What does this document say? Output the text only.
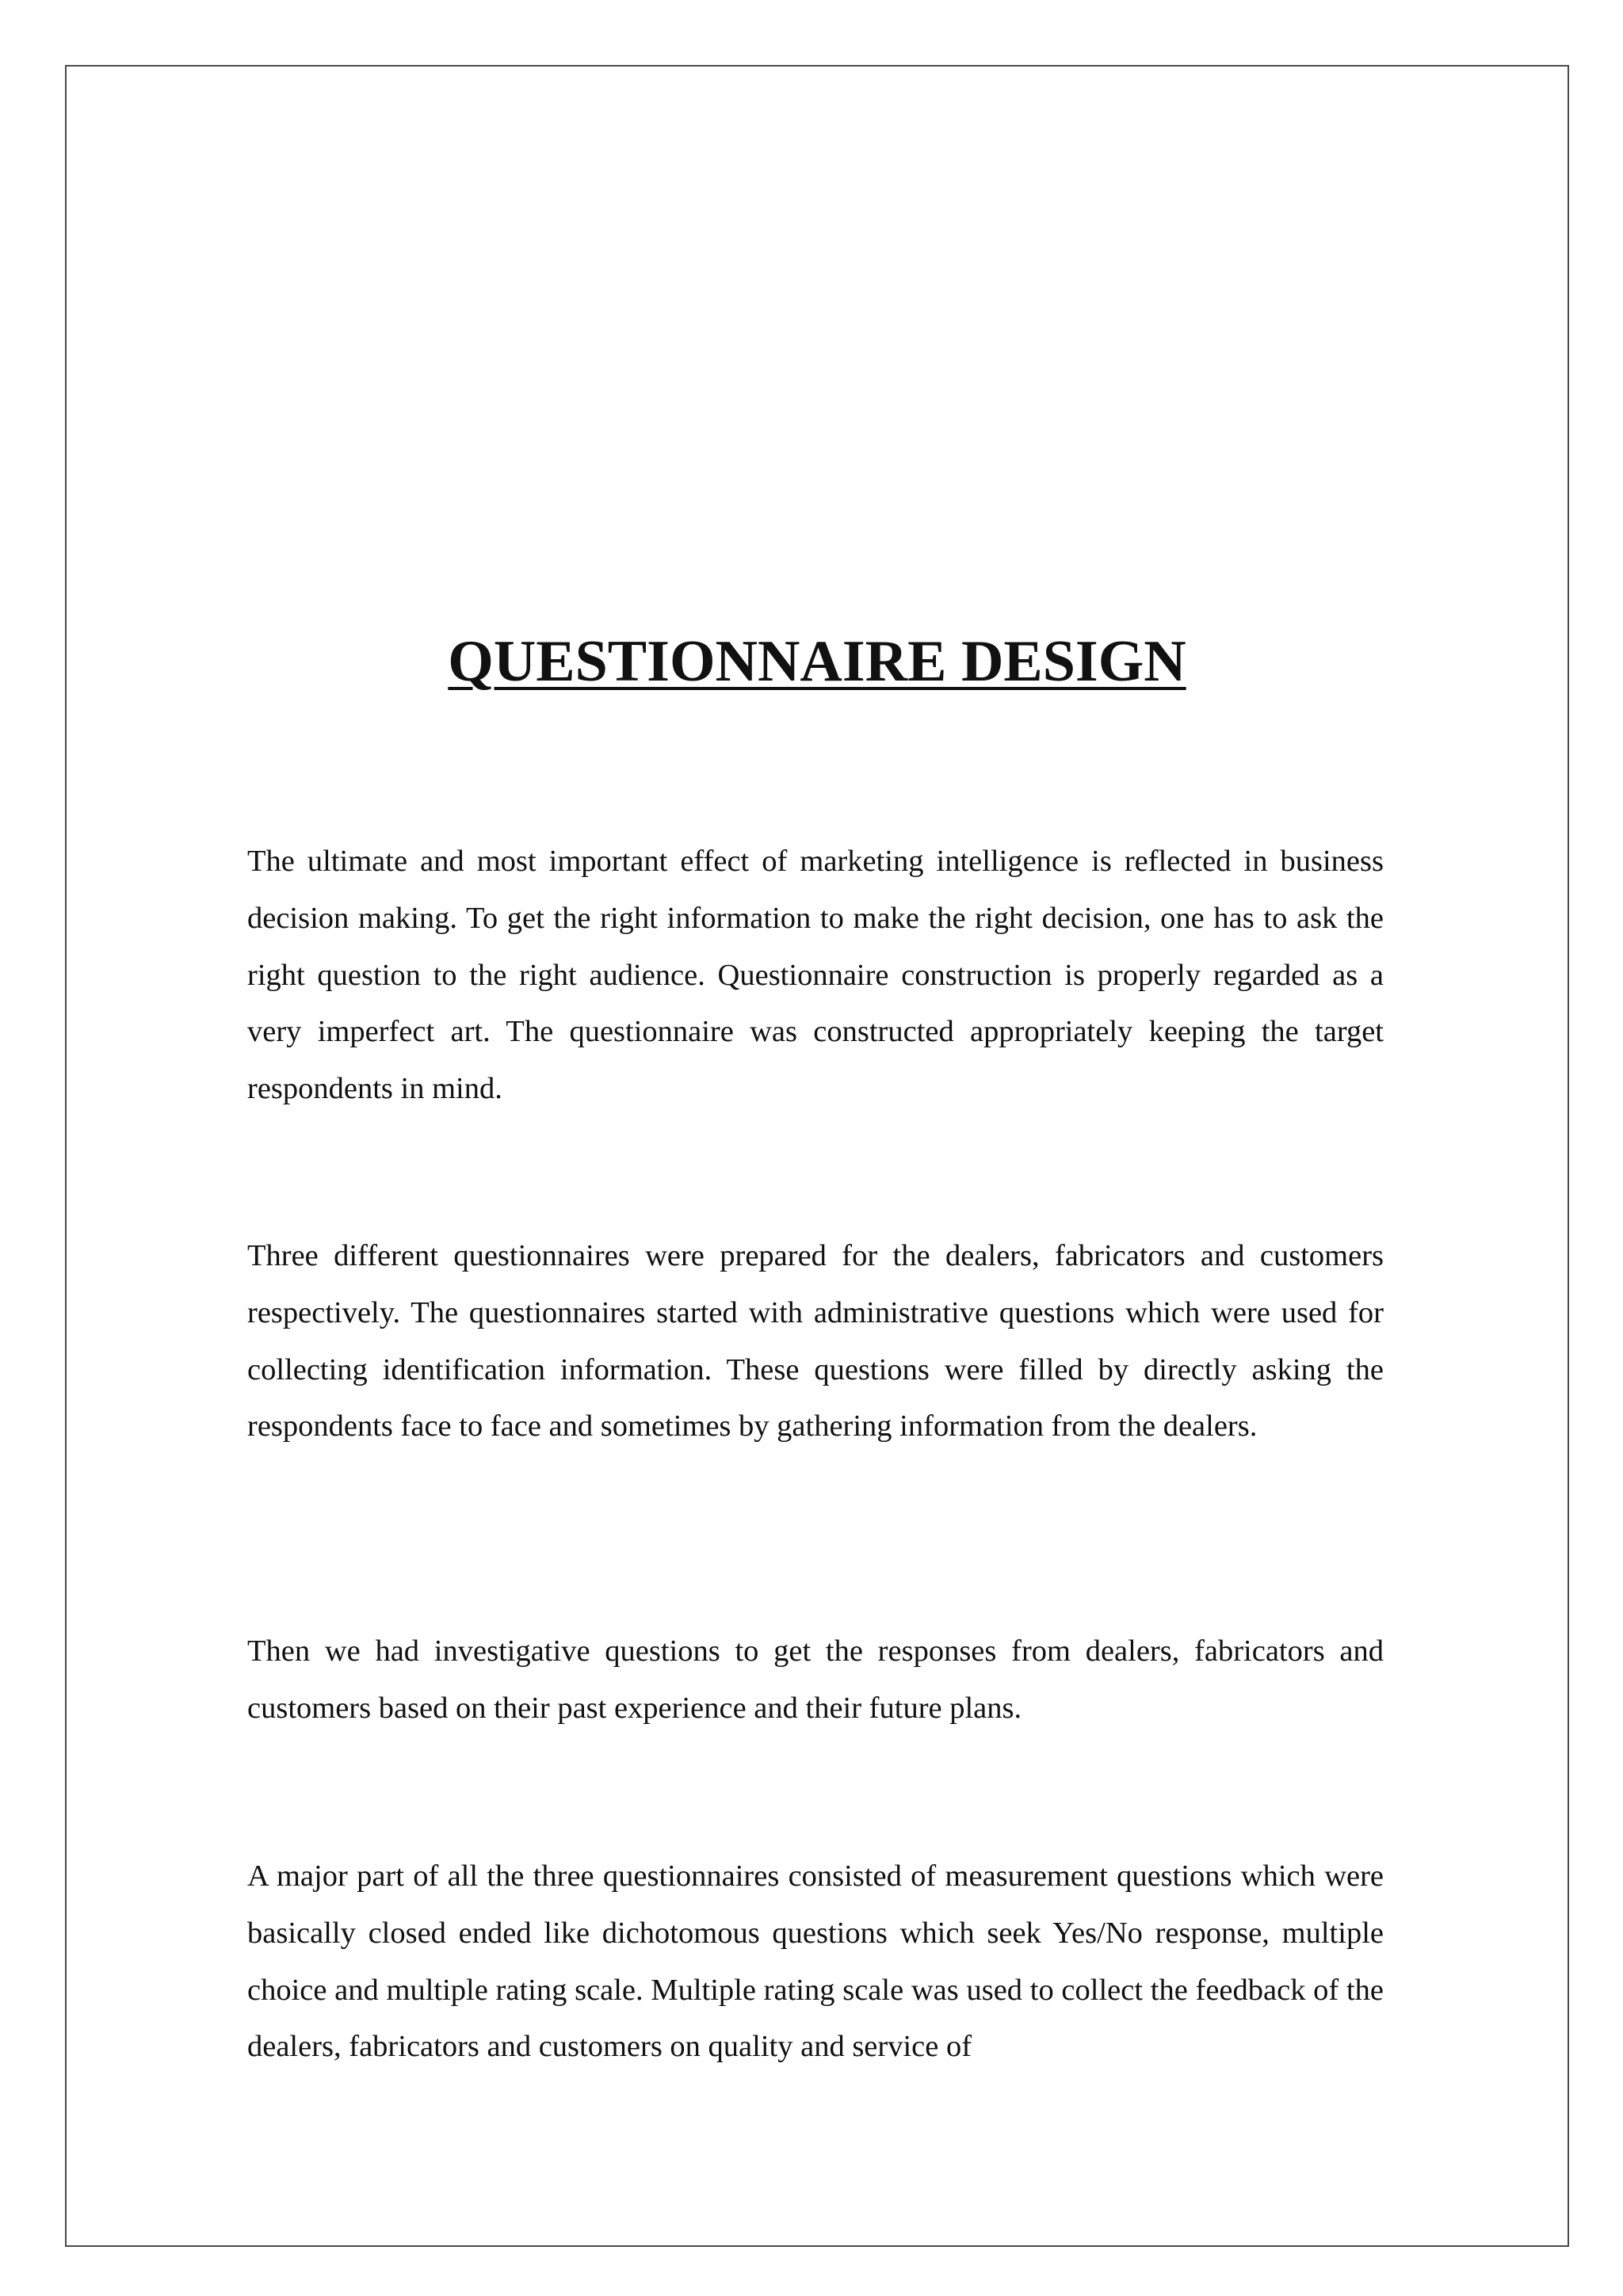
QUESTIONNAIRE DESIGN

The ultimate and most important effect of marketing intelligence is reflected in business decision making. To get the right information to make the right decision, one has to ask the right question to the right audience. Questionnaire construction is properly regarded as a very imperfect art. The questionnaire was constructed appropriately keeping the target respondents in mind.

Three different questionnaires were prepared for the dealers, fabricators and customers respectively. The questionnaires started with administrative questions which were used for collecting identification information. These questions were filled by directly asking the respondents face to face and sometimes by gathering information from the dealers.

Then we had investigative questions to get the responses from dealers, fabricators and customers based on their past experience and their future plans.

A major part of all the three questionnaires consisted of measurement questions which were basically closed ended like dichotomous questions which seek Yes/No response, multiple choice and multiple rating scale. Multiple rating scale was used to collect the feedback of the dealers, fabricators and customers on quality and service of
